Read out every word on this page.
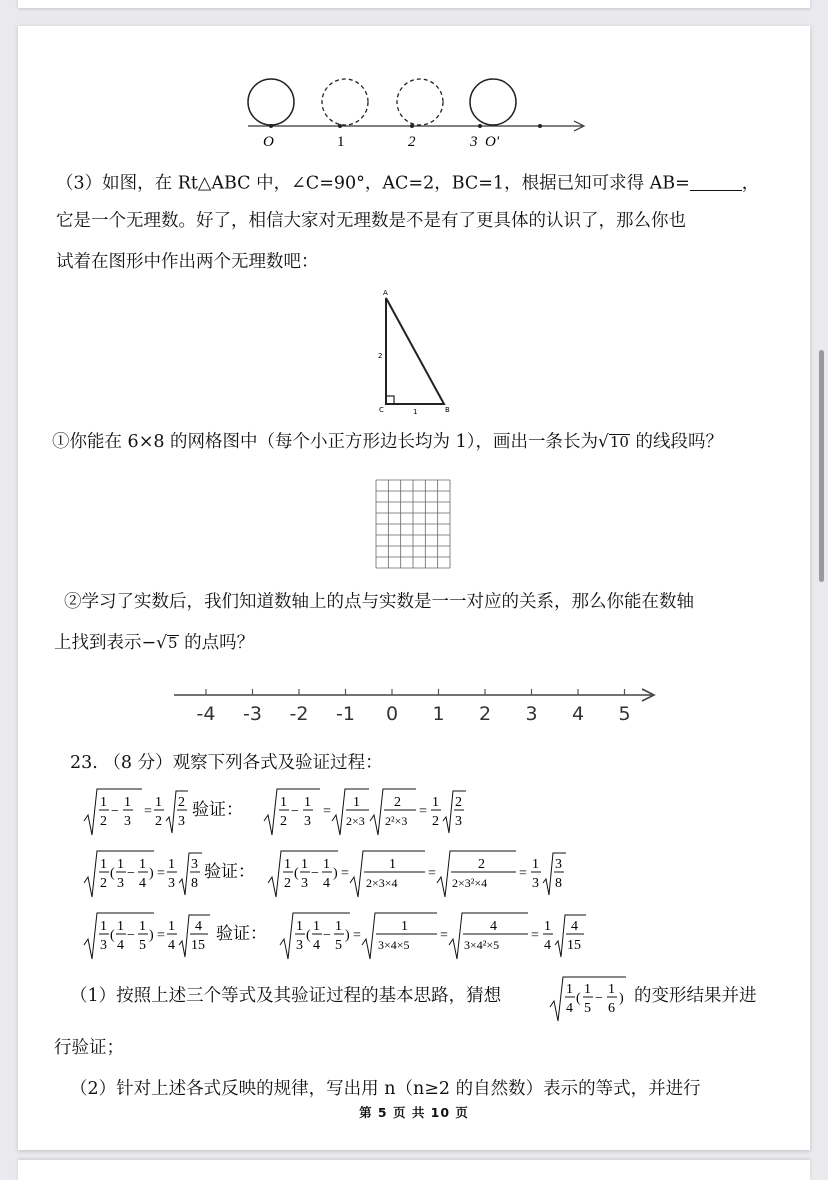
O	1	2	3 O'
（3）如图，在 Rt△ABC 中，∠C=90°，AC=2，BC=1，根据已知可求得 AB=	，
它是一个无理数。好了，相信大家对无理数是不是有了更具体的认识了，那么你也
试着在图形中作出两个无理数吧：
A
C	B
2
1
①你能在 6×8 的网格图中（每个小正方形边长均为 1），画出一条长为√10 的线段吗？
②学习了实数后，我们知道数轴上的点与实数是一一对应的关系，那么你能在数轴
上找到表示−√5 的点吗？
-4 -3 -2 -1 0 1 2 3 4 5
23. （8 分）观察下列各式及验证过程：
1
2
−
1
3
=
1
2
2
3
验证：	1
2
−
1
3
=
1
2×3
2
2²×3
=
1
2
2
3
1
2
(
1
3
−
1
4
) =
1
3
3
8
验证： 1
2
(
1
3
−
1
4
) =
1
2×3×4
=
2
2×3²×4
=
1
3
3
8
1
3
(
1
4
−
1
5
) =
1
4
4
15
验证： 1
3
(
1
4
−
1
5
) =
1
3×4×5
=
4
3×4²×5
=
1
4
4
15
（1）按照上述三个等式及其验证过程的基本思路，猜想	1
4
(
1
5
−
1
6
) 的变形结果并进
行验证；
（2）针对上述各式反映的规律，写出用 n（n≥2 的自然数）表示的等式，并进行
第 5 页 共 10 页
